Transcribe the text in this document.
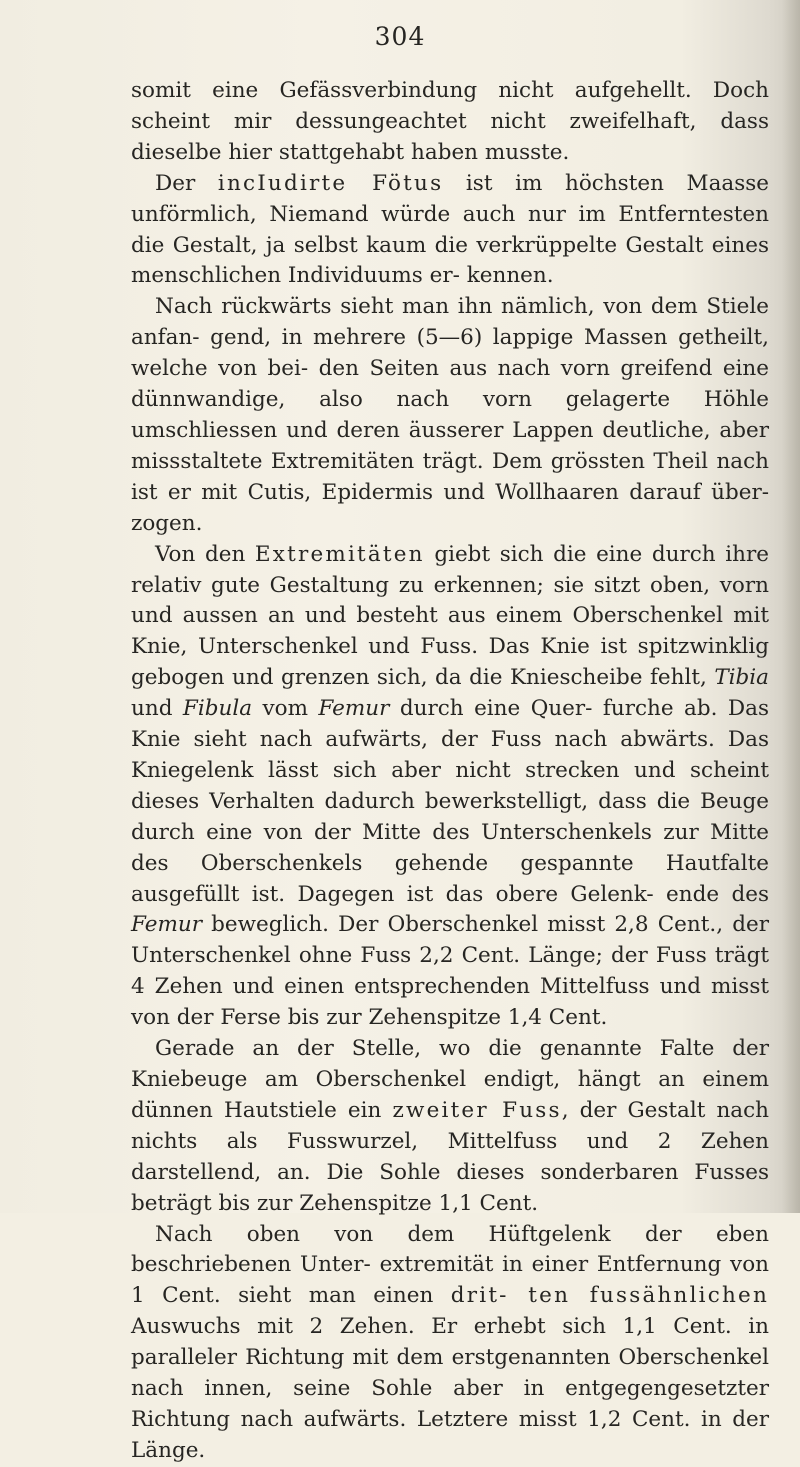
304

somit eine Gefässverbindung nicht aufgehellt. Doch scheint mir dessungeachtet nicht zweifelhaft, dass dieselbe hier stattgehabt haben musste.

Der incIudirte Fötus ist im höchsten Maasse unförmlich, Niemand würde auch nur im Entferntesten die Gestalt, ja selbst kaum die verkrüppelte Gestalt eines menschlichen Individuums er- kennen.

Nach rückwärts sieht man ihn nämlich, von dem Stiele anfan- gend, in mehrere (5—6) lappige Massen getheilt, welche von bei- den Seiten aus nach vorn greifend eine dünnwandige, also nach vorn gelagerte Höhle umschliessen und deren äusserer Lappen deutliche, aber missstaltete Extremitäten trägt. Dem grössten Theil nach ist er mit Cutis, Epidermis und Wollhaaren darauf über- zogen.

Von den Extremitäten giebt sich die eine durch ihre relativ gute Gestaltung zu erkennen; sie sitzt oben, vorn und aussen an und besteht aus einem Oberschenkel mit Knie, Unterschenkel und Fuss. Das Knie ist spitzwinklig gebogen und grenzen sich, da die Kniescheibe fehlt, Tibia und Fibula vom Femur durch eine Quer- furche ab. Das Knie sieht nach aufwärts, der Fuss nach abwärts. Das Kniegelenk lässt sich aber nicht strecken und scheint dieses Verhalten dadurch bewerkstelligt, dass die Beuge durch eine von der Mitte des Unterschenkels zur Mitte des Oberschenkels gehende gespannte Hautfalte ausgefüllt ist. Dagegen ist das obere Gelenk- ende des Femur beweglich. Der Oberschenkel misst 2,8 Cent., der Unterschenkel ohne Fuss 2,2 Cent. Länge; der Fuss trägt 4 Zehen und einen entsprechenden Mittelfuss und misst von der Ferse bis zur Zehenspitze 1,4 Cent.

Gerade an der Stelle, wo die genannte Falte der Kniebeuge am Oberschenkel endigt, hängt an einem dünnen Hautstiele ein zweiter Fuss, der Gestalt nach nichts als Fusswurzel, Mittelfuss und 2 Zehen darstellend, an. Die Sohle dieses sonderbaren Fusses beträgt bis zur Zehenspitze 1,1 Cent.

Nach oben von dem Hüftgelenk der eben beschriebenen Unter- extremität in einer Entfernung von 1 Cent. sieht man einen drit- ten fussähnlichen Auswuchs mit 2 Zehen. Er erhebt sich 1,1 Cent. in paralleler Richtung mit dem erstgenannten Oberschenkel nach innen, seine Sohle aber in entgegengesetzter Richtung nach aufwärts. Letztere misst 1,2 Cent. in der Länge.
